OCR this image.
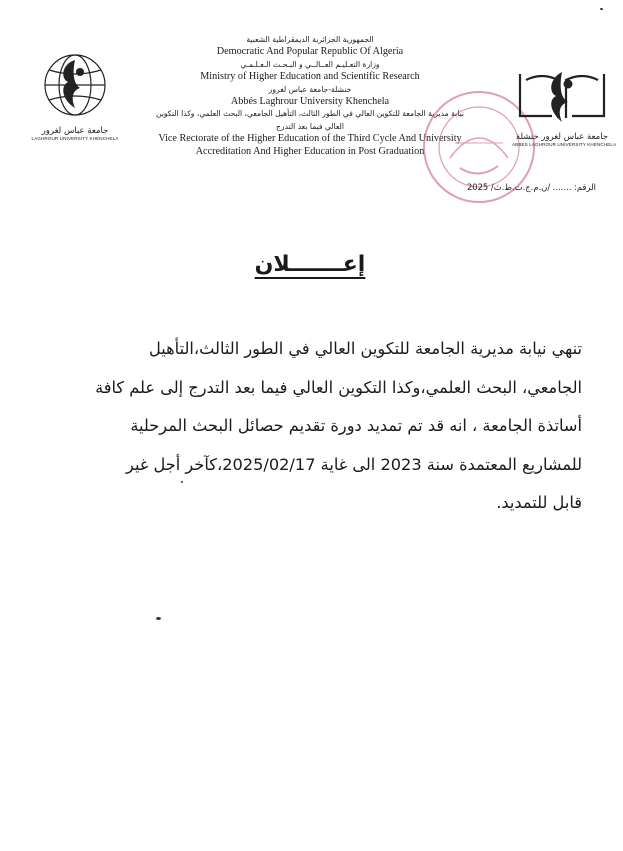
جامعة عباس لغرور
LAGHROUR UNIVERSITY KHENCHELA
الجمهورية الجزائرية الديمقراطية الشعبية
Democratic And Popular Republic Of Algeria
وزارة التعـليـم العــالــي و البـحـث الـعـلـمـي
Ministry of Higher Education and Scientific Research
خنشلة-جامعة عباس لغرور
Abbés Laghrour University Khenchela
نيابة مديرية الجامعة للتكوين العالي في الطور الثالث، التأهيل الجامعي، البحث العلمي، وكذا التكوين
العالي فيما بعد التدرج
Vice Rectorate of the Higher Education of the Third Cycle And University
Accreditation And Higher Education in Post Graduation
جامعة عباس لغرور خنشلة
ABBES LAGHROUR UNIVERSITY KHENCHELA
الرقم: ....... /ن.م.ج.ت.ط.ث/ 2025
إعـــــــلان
تنهي نيابة مديرية الجامعة للتكوين العالي في الطور الثالث،التأهيل
الجامعي، البحث العلمي،وكذا التكوين العالي فيما بعد التدرج إلى علم كافة
أساتذة الجامعة ، انه قد تم تمديد دورة تقديم حصائل البحث المرحلية
للمشاريع المعتمدة سنة 2023 الى غاية 2025/02/17،كآخر أجل غير
قابل للتمديد.
